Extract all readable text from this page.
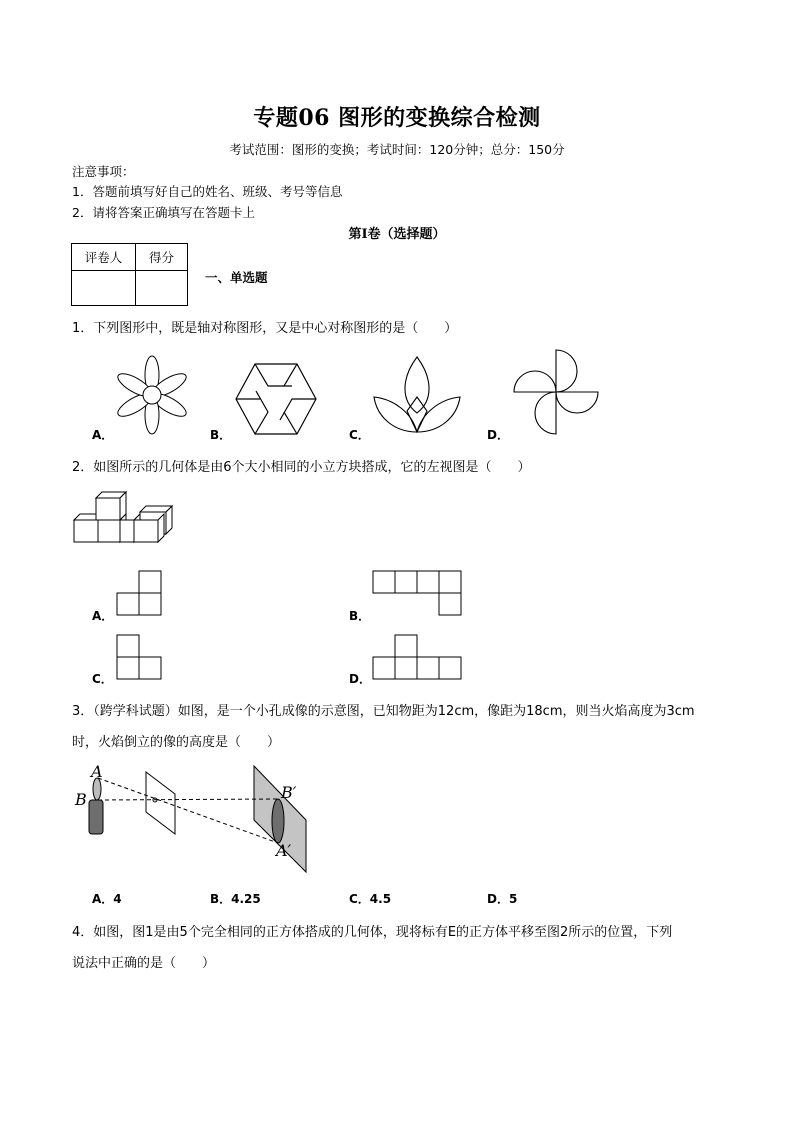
专题06 图形的变换综合检测
考试范围：图形的变换；考试时间：120分钟；总分：150分
注意事项：
1．答题前填写好自己的姓名、班级、考号等信息
2．请将答案正确填写在答题卡上
第I卷（选择题）
评卷人	得分

一、单选题
1．下列图形中，既是轴对称图形，又是中心对称图形的是（　　）
A．	B．	C．	D．
2．如图所示的几何体是由6个大小相同的小立方块搭成，它的左视图是（　　）
A．	B．
C．	D．
3．（跨学科试题）如图，是一个小孔成像的示意图，已知物距为12cm，像距为18cm，则当火焰高度为3cm
时，火焰倒立的像的高度是（　　）
A
B	B′
A′
A．4	B．4.25	C．4.5	D．5
4．如图，图1是由5个完全相同的正方体搭成的几何体，现将标有E的正方体平移至图2所示的位置，下列
说法中正确的是（　　）
